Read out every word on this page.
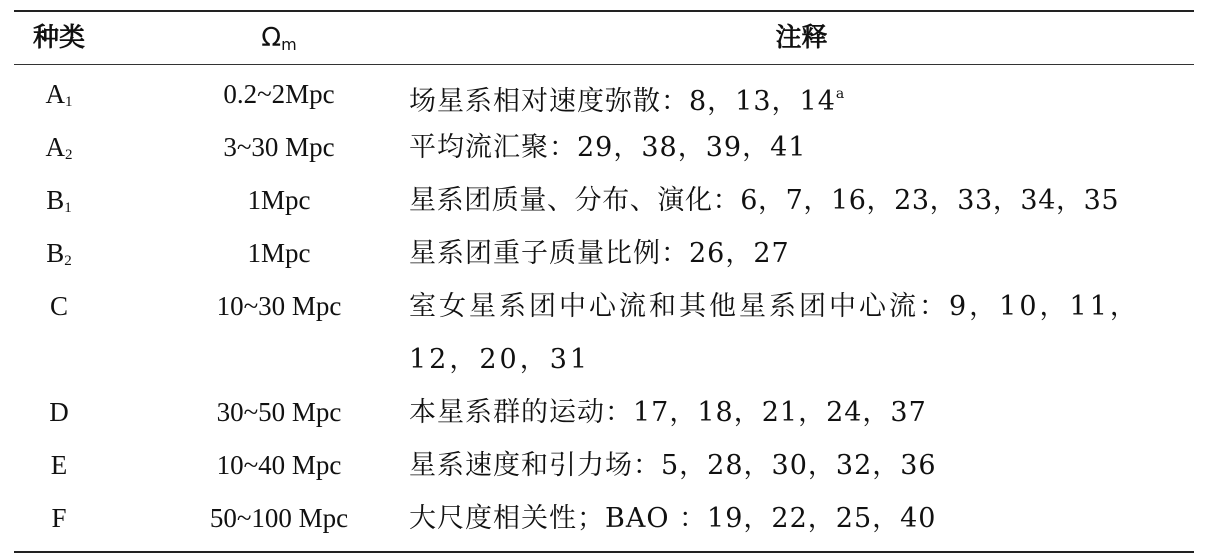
种类	$\Omega_m$	注释
$A_1$	0.2~2Mpc	场星系相对速度弥散：8，13，14$^a$
$A_2$	3~30 Mpc	平均流汇聚：29，38，39，41
$B_1$	1Mpc	星系团质量、分布、演化：6，7，16，23，33，34，35
$B_2$	1Mpc	星系团重子质量比例：26，27
C	10~30 Mpc	室女星系团中心流和其他星系团中心流：9，10，11，12，20，31
D	30~50 Mpc	本星系群的运动：17，18，21，24，37
E	10~40 Mpc	星系速度和引力场：5，28，30，32，36
F	50~100 Mpc	大尺度相关性；BAO ：19，22，25，40
